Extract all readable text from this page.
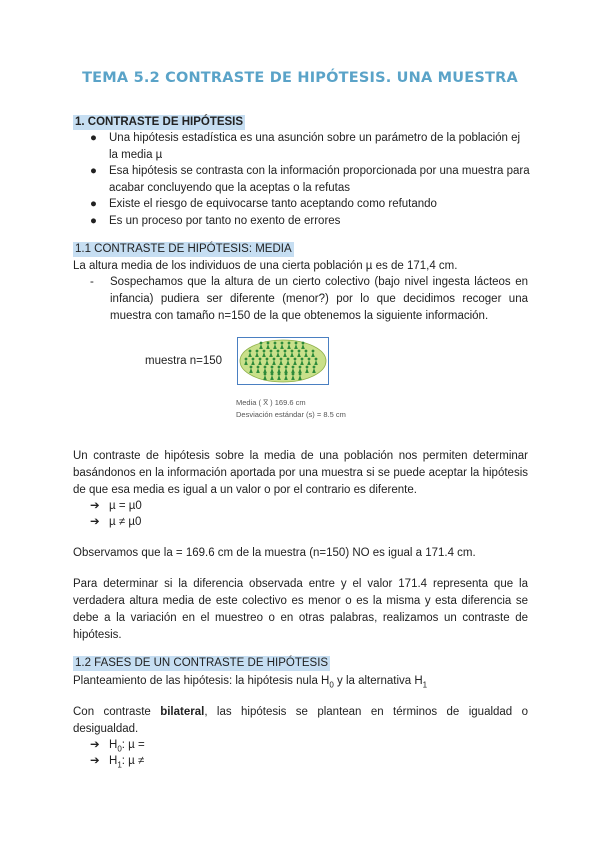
TEMA 5.2 CONTRASTE DE HIPÓTESIS. UNA MUESTRA
1. CONTRASTE DE HIPÓTESIS
● Una hipótesis estadística es una asunción sobre un parámetro de la población ej la media µ
● Esa hipótesis se contrasta con la información proporcionada por una muestra para acabar concluyendo que la aceptas o la refutas
● Existe el riesgo de equivocarse tanto aceptando como refutando
● Es un proceso por tanto no exento de errores
1.1 CONTRASTE DE HIPÓTESIS: MEDIA
La altura media de los individuos de una cierta población µ es de 171,4 cm.
- Sospechamos que la altura de un cierto colectivo (bajo nivel ingesta lácteos en infancia) pudiera ser diferente (menor?) por lo que decidimos recoger una muestra con tamaño n=150 de la que obtenemos la siguiente información.
muestra n=150
Media ( X̅ ) 169.6 cm
Desviación estándar (s) = 8.5 cm
Un contraste de hipótesis sobre la media de una población nos permiten determinar basándonos en la información aportada por una muestra si se puede aceptar la hipótesis de que esa media es igual a un valor o por el contrario es diferente.
➔ µ = µ0
➔ µ ≠ µ0
Observamos que la = 169.6 cm de la muestra (n=150) NO es igual a 171.4 cm.
Para determinar si la diferencia observada entre y el valor 171.4 representa que la verdadera altura media de este colectivo es menor o es la misma y esta diferencia se debe a la variación en el muestreo o en otras palabras, realizamos un contraste de hipótesis.
1.2 FASES DE UN CONTRASTE DE HIPÓTESIS
Planteamiento de las hipótesis: la hipótesis nula $H_0$ y la alternativa $H_1$
Con contraste bilateral, las hipótesis se plantean en términos de igualdad o desigualdad.
➔ $H_0$: µ =
➔ $H_1$: µ ≠
